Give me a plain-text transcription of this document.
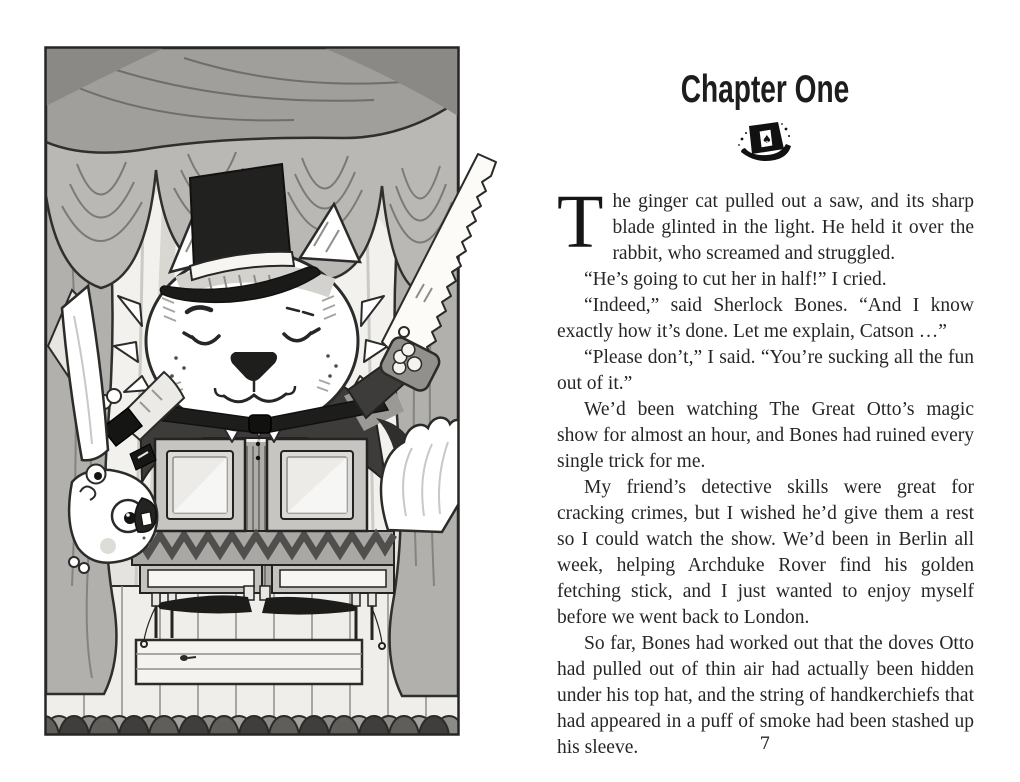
Chapter One
♠

The ginger cat pulled out a saw, and its sharp blade glinted in the light. He held it over the rabbit, who screamed and struggled.

“He’s going to cut her in half!” I cried.

“Indeed,” said Sherlock Bones. “And I know exactly how it’s done. Let me explain, Catson …”

“Please don’t,” I said. “You’re sucking all the fun out of it.”

We’d been watching The Great Otto’s magic show for almost an hour, and Bones had ruined every single trick for me.

My friend’s detective skills were great for cracking crimes, but I wished he’d give them a rest so I could watch the show. We’d been in Berlin all week, helping Archduke Rover find his golden fetching stick, and I just wanted to enjoy myself before we went back to London.

So far, Bones had worked out that the doves Otto had pulled out of thin air had actually been hidden under his top hat, and the string of handkerchiefs that had appeared in a puff of smoke had been stashed up his sleeve.	7
